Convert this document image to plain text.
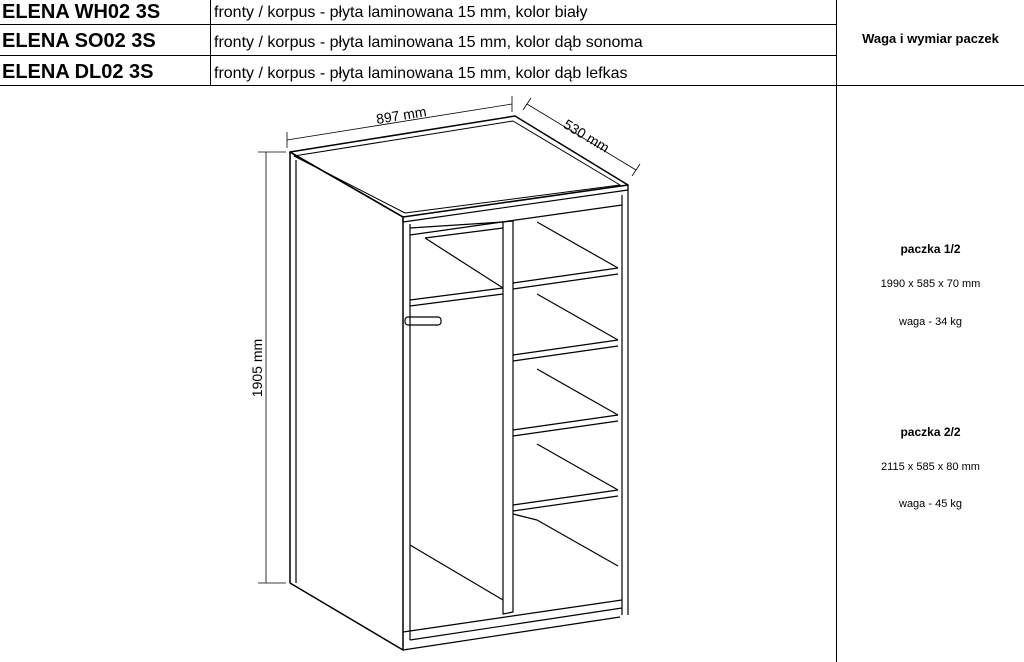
ELENA WH02 3S	fronty / korpus - płyta laminowana 15 mm, kolor biały
ELENA SO02 3S	fronty / korpus - płyta laminowana 15 mm, kolor dąb sonoma
ELENA DL02 3S	fronty / korpus - płyta laminowana 15 mm, kolor dąb lefkas
Waga i wymiar paczek
paczka 1/2
1990 x 585 x 70 mm
waga - 34 kg
paczka 2/2
2115 x 585 x 80 mm
waga - 45 kg
897 mm
530 mm
1905 mm
